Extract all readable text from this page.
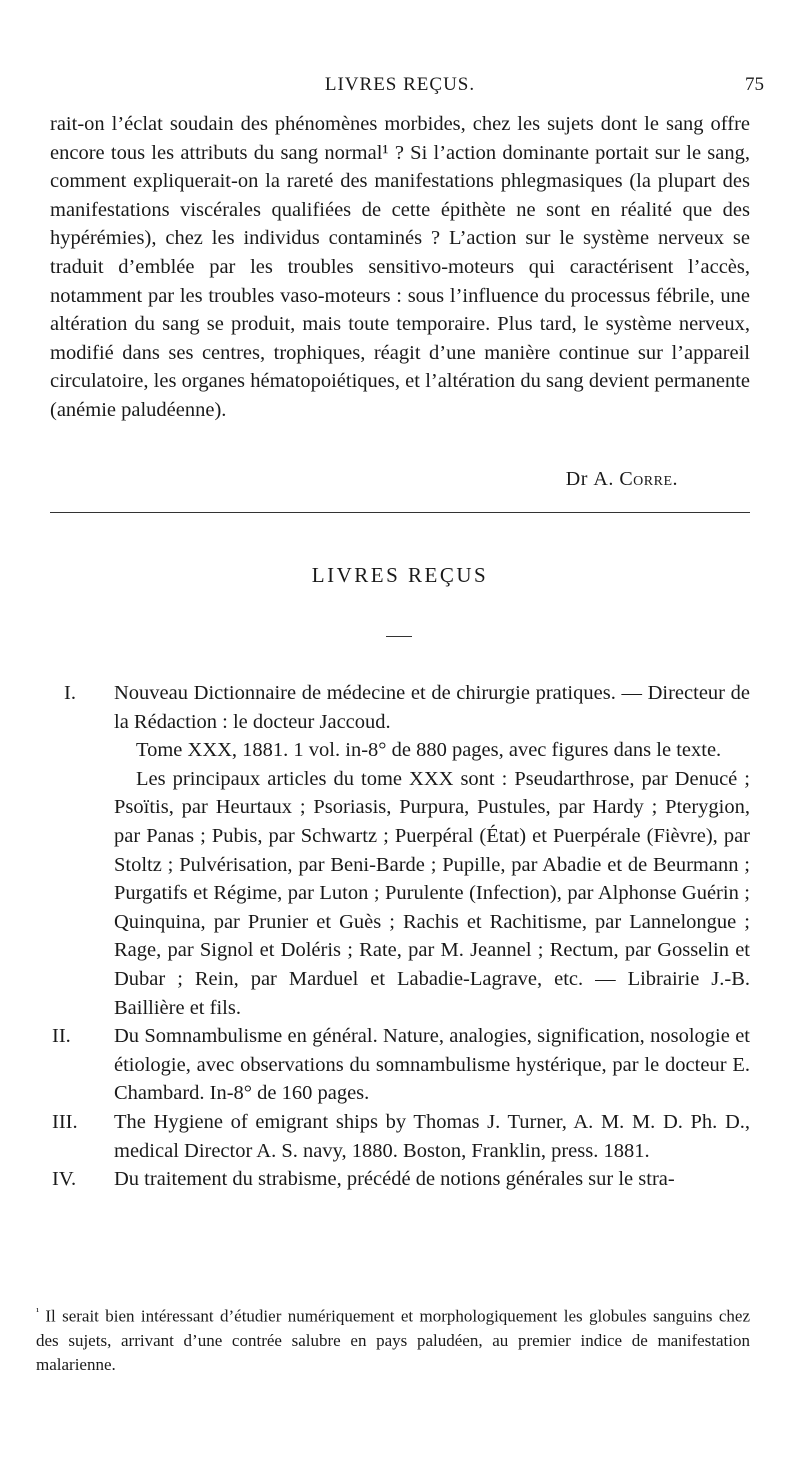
LIVRES REÇUS.	75

rait-on l’éclat soudain des phénomènes morbides, chez les sujets dont le sang offre encore tous les attributs du sang normal¹ ? Si l’action dominante portait sur le sang, comment expliquerait-on la rareté des manifestations phlegmasiques (la plupart des manifestations viscérales qualifiées de cette épithète ne sont en réalité que des hypérémies), chez les individus contaminés ? L’action sur le système nerveux se traduit d’emblée par les troubles sensitivo-moteurs qui caractérisent l’accès, notamment par les troubles vaso-moteurs : sous l’influence du processus fébrile, une altération du sang se produit, mais toute temporaire. Plus tard, le système nerveux, modifié dans ses centres, trophiques, réagit d’une manière continue sur l’appareil circulatoire, les organes hématopoiétiques, et l’altération du sang devient permanente (anémie paludéenne).

Dr A. Corre.
LIVRES REÇUS
I.	Nouveau Dictionnaire de médecine et de chirurgie pratiques. — Directeur de la Rédaction : le docteur Jaccoud.

Tome XXX, 1881. 1 vol. in-8° de 880 pages, avec figures dans le texte.

Les principaux articles du tome XXX sont : Pseudarthrose, par Denucé ; Psoïtis, par Heurtaux ; Psoriasis, Purpura, Pustules, par Hardy ; Pterygion, par Panas ; Pubis, par Schwartz ; Puerpéral (État) et Puerpérale (Fièvre), par Stoltz ; Pulvérisation, par Beni-Barde ; Pupille, par Abadie et de Beurmann ; Purgatifs et Régime, par Luton ; Purulente (Infection), par Alphonse Guérin ; Quinquina, par Prunier et Guès ; Rachis et Rachitisme, par Lannelongue ; Rage, par Signol et Doléris ; Rate, par M. Jeannel ; Rectum, par Gosselin et Dubar ; Rein, par Marduel et Labadie-Lagrave, etc. — Librairie J.-B. Baillière et fils.

II.	Du Somnambulisme en général. Nature, analogies, signification, nosologie et étiologie, avec observations du somnambulisme hystérique, par le docteur E. Chambard. In-8° de 160 pages.

III.	The Hygiene of emigrant ships by Thomas J. Turner, A. M. M. D. Ph. D., medical Director A. S. navy, 1880. Boston, Franklin, press. 1881.

IV.	Du traitement du strabisme, précédé de notions générales sur le stra-

$^{^1}$ Il serait bien intéressant d’étudier numériquement et morphologiquement les globules sanguins chez des sujets, arrivant d’une contrée salubre en pays paludéen, au premier indice de manifestation malarienne.
